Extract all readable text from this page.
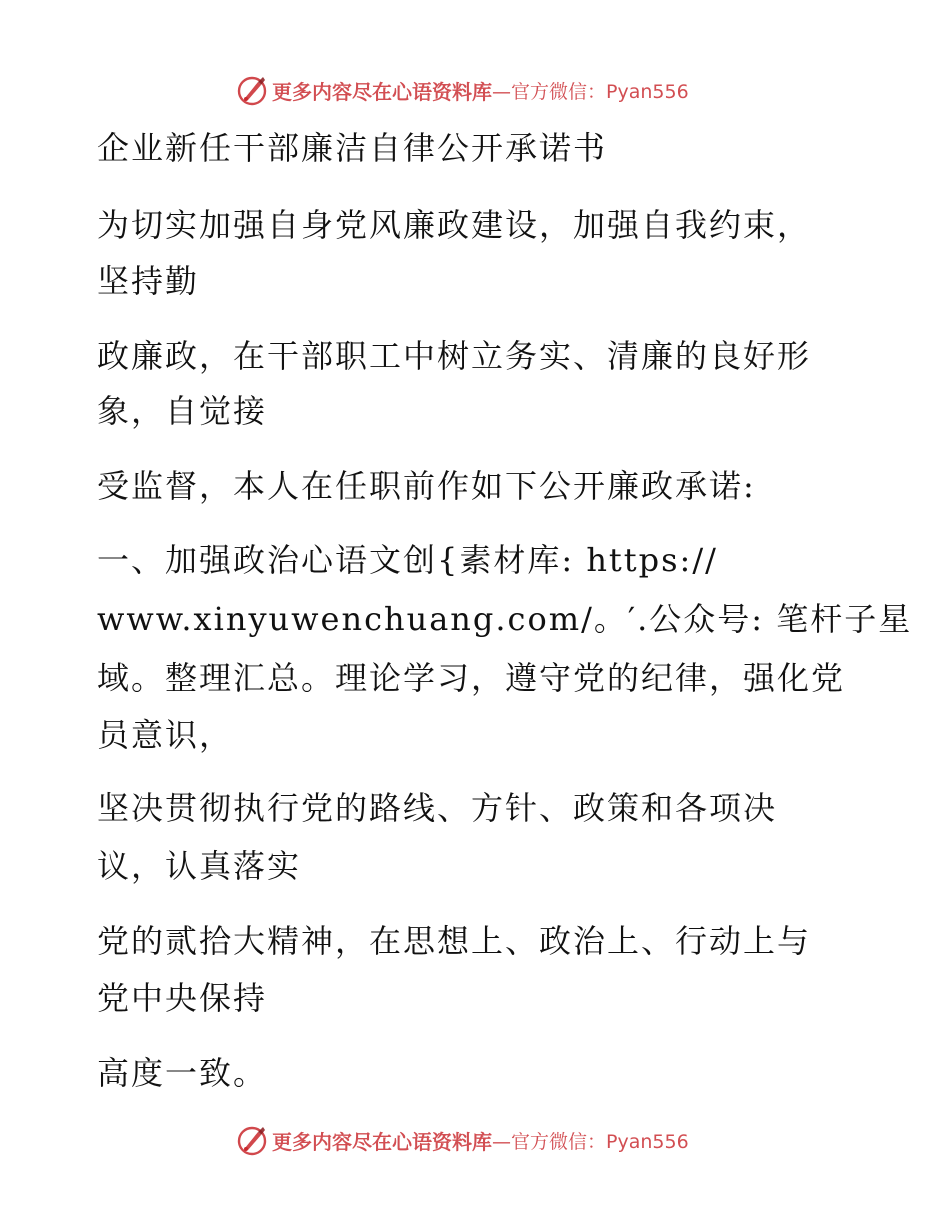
更多内容尽在心语资料库 —官方微信：Pyan556
企业新任干部廉洁自律公开承诺书
为切实加强自身党风廉政建设，加强自我约束，
坚持勤
政廉政，在干部职工中树立务实、清廉的良好形
象，自觉接
受监督，本人在任职前作如下公开廉政承诺:
一、加强政治心语文创{素材库: https://
www.xinyuwenchuang.com/。′.公众号: 笔杆子星
域。整理汇总。理论学习，遵守党的纪律，强化党
员意识，
坚决贯彻执行党的路线、方针、政策和各项决
议，认真落实
党的贰拾大精神，在思想上、政治上、行动上与
党中央保持
高度一致。
更多内容尽在心语资料库 —官方微信：Pyan556
